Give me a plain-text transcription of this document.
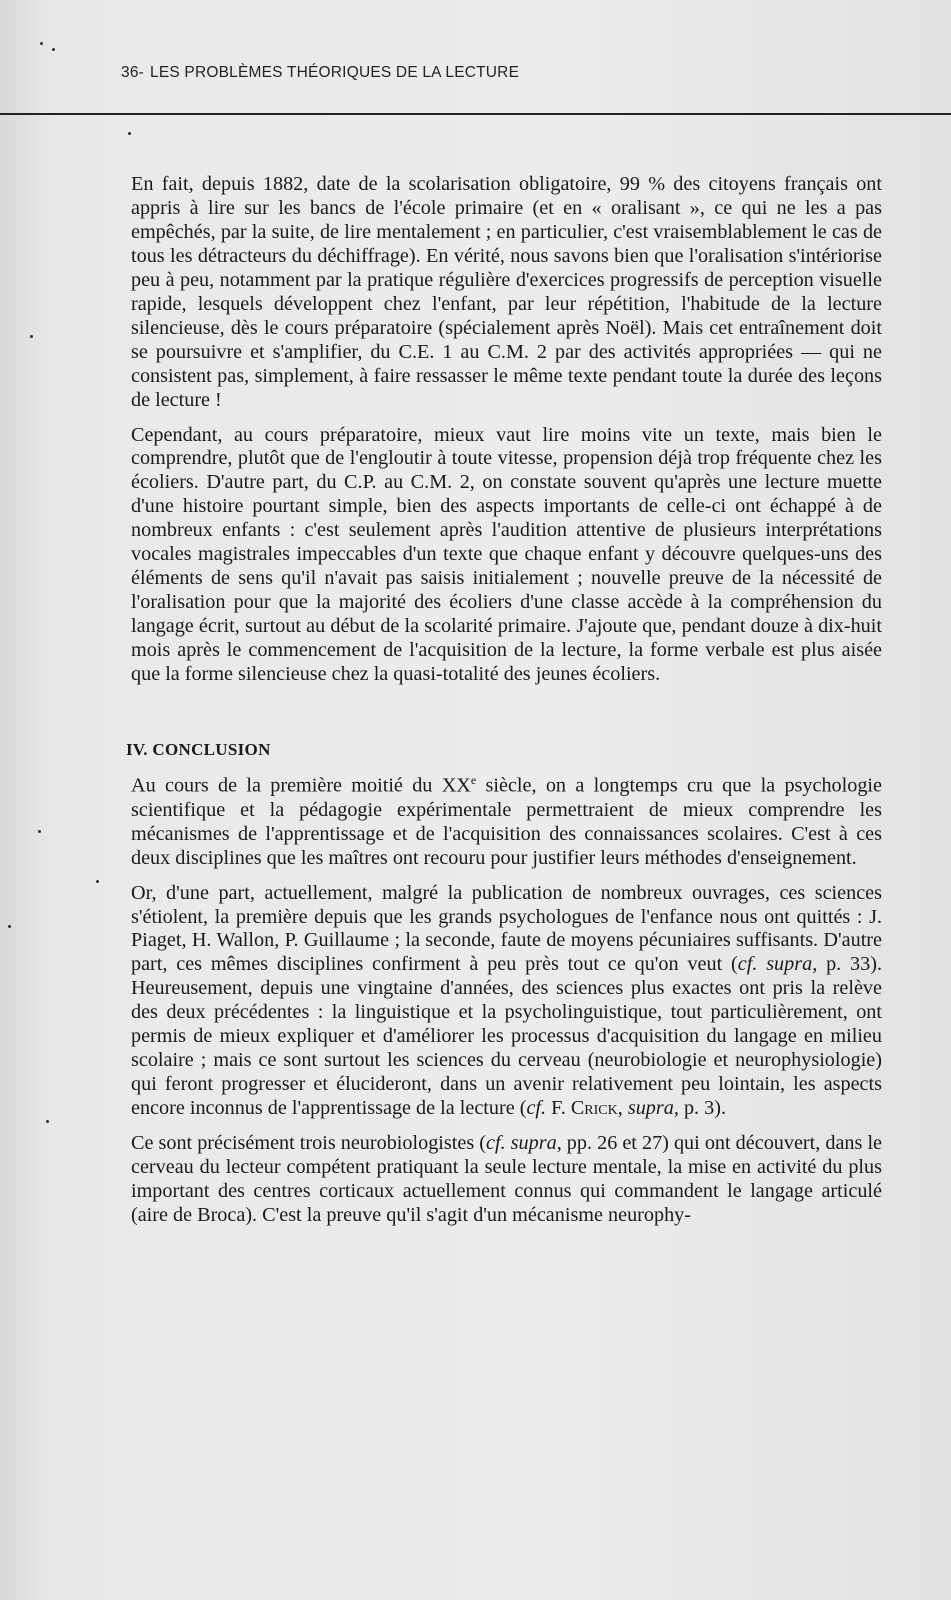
36- LES PROBLÈMES THÉORIQUES DE LA LECTURE

En fait, depuis 1882, date de la scolarisation obligatoire, 99 % des citoyens français ont appris à lire sur les bancs de l'école primaire (et en « oralisant », ce qui ne les a pas empêchés, par la suite, de lire mentalement ; en particulier, c'est vraisemblablement le cas de tous les détracteurs du déchiffrage). En vérité, nous savons bien que l'oralisation s'intériorise peu à peu, notamment par la pratique régulière d'exercices progressifs de perception visuelle rapide, lesquels développent chez l'enfant, par leur répétition, l'habitude de la lecture silencieuse, dès le cours préparatoire (spécialement après Noël). Mais cet entraînement doit se poursuivre et s'amplifier, du C.E. 1 au C.M. 2 par des activités appropriées — qui ne consistent pas, simplement, à faire ressasser le même texte pendant toute la durée des leçons de lecture !

Cependant, au cours préparatoire, mieux vaut lire moins vite un texte, mais bien le comprendre, plutôt que de l'engloutir à toute vitesse, propension déjà trop fréquente chez les écoliers. D'autre part, du C.P. au C.M. 2, on constate souvent qu'après une lecture muette d'une histoire pourtant simple, bien des aspects importants de celle-ci ont échappé à de nombreux enfants : c'est seulement après l'audition attentive de plusieurs interprétations vocales magistrales impeccables d'un texte que chaque enfant y découvre quelques-uns des éléments de sens qu'il n'avait pas saisis initialement ; nouvelle preuve de la nécessité de l'oralisation pour que la majorité des écoliers d'une classe accède à la compréhension du langage écrit, surtout au début de la scolarité primaire. J'ajoute que, pendant douze à dix-huit mois après le commencement de l'acquisition de la lecture, la forme verbale est plus aisée que la forme silencieuse chez la quasi-totalité des jeunes écoliers.

IV. CONCLUSION

Au cours de la première moitié du XXe siècle, on a longtemps cru que la psychologie scientifique et la pédagogie expérimentale permettraient de mieux comprendre les mécanismes de l'apprentissage et de l'acquisition des connaissances scolaires. C'est à ces deux disciplines que les maîtres ont recouru pour justifier leurs méthodes d'enseignement.

Or, d'une part, actuellement, malgré la publication de nombreux ouvrages, ces sciences s'étiolent, la première depuis que les grands psychologues de l'enfance nous ont quittés : J. Piaget, H. Wallon, P. Guillaume ; la seconde, faute de moyens pécuniaires suffisants. D'autre part, ces mêmes disciplines confirment à peu près tout ce qu'on veut (cf. supra, p. 33). Heureusement, depuis une vingtaine d'années, des sciences plus exactes ont pris la relève des deux précédentes : la linguistique et la psycholinguistique, tout particulièrement, ont permis de mieux expliquer et d'améliorer les processus d'acquisition du langage en milieu scolaire ; mais ce sont surtout les sciences du cerveau (neurobiologie et neurophysiologie) qui feront progresser et élucideront, dans un avenir relativement peu lointain, les aspects encore inconnus de l'apprentissage de la lecture (cf. F. Crick, supra, p. 3).

Ce sont précisément trois neurobiologistes (cf. supra, pp. 26 et 27) qui ont découvert, dans le cerveau du lecteur compétent pratiquant la seule lecture mentale, la mise en activité du plus important des centres corticaux actuellement connus qui commandent le langage articulé (aire de Broca). C'est la preuve qu'il s'agit d'un mécanisme neurophy-
